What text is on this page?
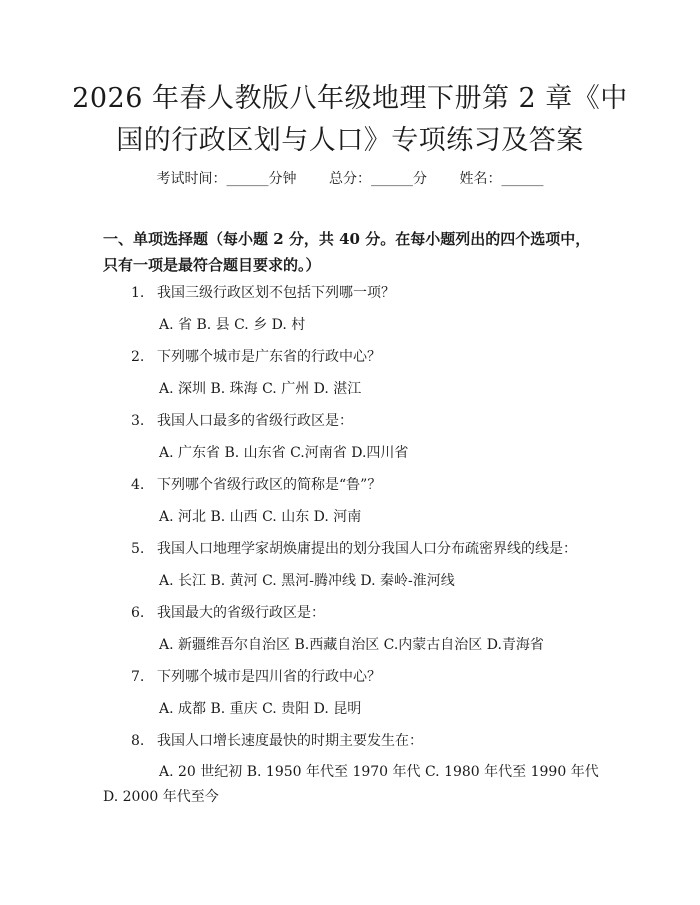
2026 年春人教版八年级地理下册第 2 章《中
国的行政区划与人口》专项练习及答案
考试时间：______分钟 总分：______分 姓名：______
一、单项选择题（每小题 2 分，共 40 分。在每小题列出的四个选项中，只有一项是最符合题目要求的。）
1. 我国三级行政区划不包括下列哪一项？
A. 省 B. 县 C. 乡 D. 村
2. 下列哪个城市是广东省的行政中心？
A. 深圳 B. 珠海 C. 广州 D. 湛江
3. 我国人口最多的省级行政区是：
A. 广东省 B. 山东省 C.河南省 D.四川省
4. 下列哪个省级行政区的简称是“鲁”？
A. 河北 B. 山西 C. 山东 D. 河南
5. 我国人口地理学家胡焕庸提出的划分我国人口分布疏密界线的线是：
A. 长江 B. 黄河 C. 黑河-腾冲线 D. 秦岭-淮河线
6. 我国最大的省级行政区是：
A. 新疆维吾尔自治区 B.西藏自治区 C.内蒙古自治区 D.青海省
7. 下列哪个城市是四川省的行政中心？
A. 成都 B. 重庆 C. 贵阳 D. 昆明
8. 我国人口增长速度最快的时期主要发生在：
A. 20 世纪初 B. 1950 年代至 1970 年代 C. 1980 年代至 1990 年代 D. 2000 年代至今
